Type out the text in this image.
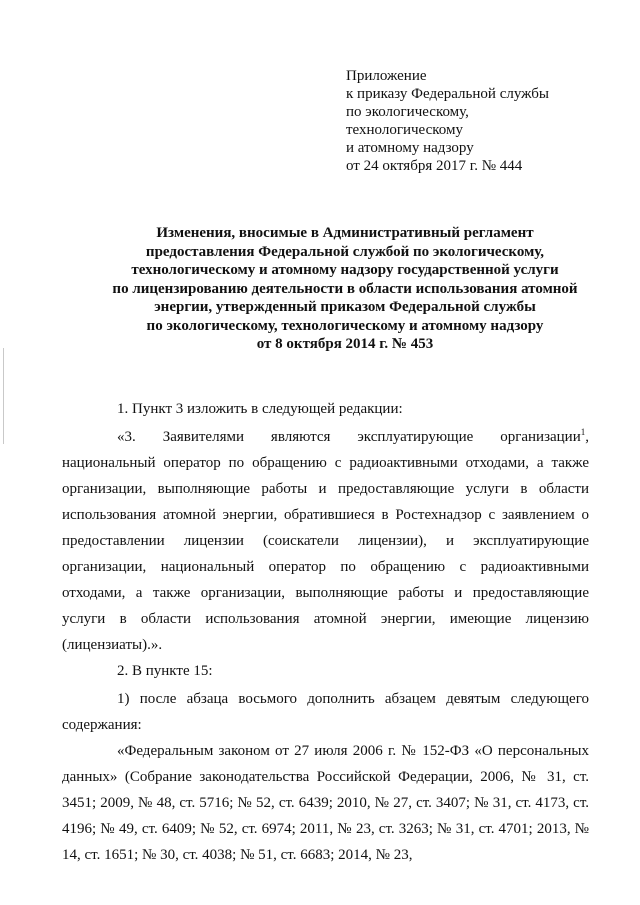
Приложение
к приказу Федеральной службы
по экологическому,
технологическому
и атомному надзору
от 24 октября 2017 г. № 444
Изменения, вносимые в Административный регламент
предоставления Федеральной службой по экологическому,
технологическому и атомному надзору государственной услуги
по лицензированию деятельности в области использования атомной
энергии, утвержденный приказом Федеральной службы
по экологическому, технологическому и атомному надзору
от 8 октября 2014 г. № 453

1. Пункт 3 изложить в следующей редакции:

«3. Заявителями являются эксплуатирующие организации$^1$, национальный оператор по обращению с радиоактивными отходами, а также организации, выполняющие работы и предоставляющие услуги в области использования атомной энергии, обратившиеся в Ростехнадзор с заявлением о предоставлении лицензии (соискатели лицензии), и эксплуатирующие организации, национальный оператор по обращению с радиоактивными отходами, а также организации, выполняющие работы и предоставляющие услуги в области использования атомной энергии, имеющие лицензию (лицензиаты).».

2. В пункте 15:

1) после абзаца восьмого дополнить абзацем девятым следующего содержания:

«Федеральным законом от 27 июля 2006 г. № 152-ФЗ «О персональных данных» (Собрание законодательства Российской Федерации, 2006, № 31, ст. 3451; 2009, № 48, ст. 5716; № 52, ст. 6439; 2010, № 27, ст. 3407; № 31, ст. 4173, ст. 4196; № 49, ст. 6409; № 52, ст. 6974; 2011, № 23, ст. 3263; № 31, ст. 4701; 2013, № 14, ст. 1651; № 30, ст. 4038; № 51, ст. 6683; 2014, № 23,
